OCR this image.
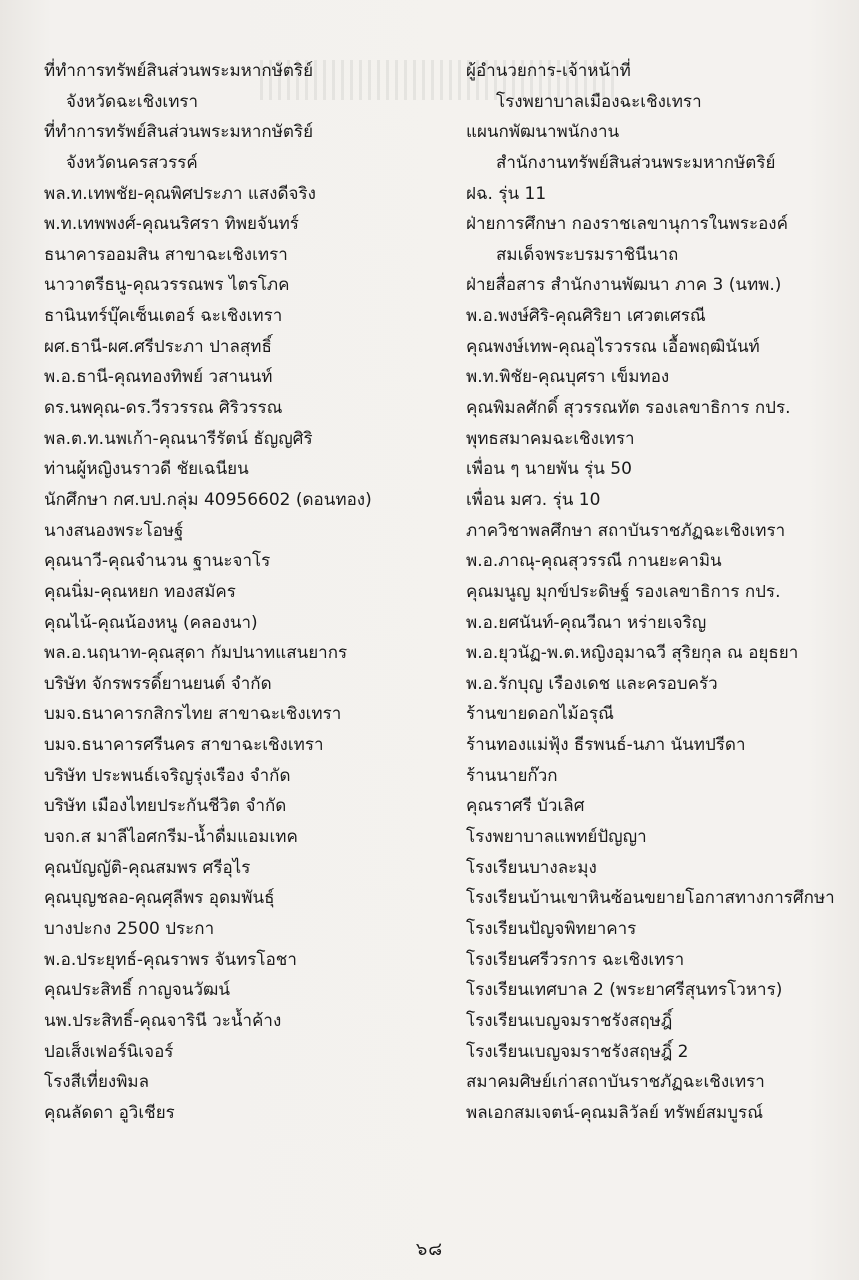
ที่ทำการทรัพย์สินส่วนพระมหากษัตริย์
จังหวัดฉะเชิงเทรา
ที่ทำการทรัพย์สินส่วนพระมหากษัตริย์
จังหวัดนครสวรรค์
พล.ท.เทพชัย-คุณพิศประภา แสงดีจริง
พ.ท.เทพพงศ์-คุณนริศรา ทิพยจันทร์
ธนาคารออมสิน สาขาฉะเชิงเทรา
นาวาตรีธนู-คุณวรรณพร ไตรโภค
ธานินทร์บุ๊คเซ็นเตอร์ ฉะเชิงเทรา
ผศ.ธานี-ผศ.ศรีประภา ปาลสุทธิ์
พ.อ.ธานี-คุณทองทิพย์ วสานนท์
ดร.นพคุณ-ดร.วีรวรรณ ศิริวรรณ
พล.ต.ท.นพเก้า-คุณนารีรัตน์ ธัญญศิริ
ท่านผู้หญิงนราวดี ชัยเฉนียน
นักศึกษา กศ.บป.กลุ่ม 40956602 (ดอนทอง)
นางสนองพระโอษฐ์
คุณนาวี-คุณจำนวน ฐานะจาโร
คุณนิ่ม-คุณหยก ทองสมัคร
คุณไน้-คุณน้องหนู (คลองนา)
พล.อ.นฤนาท-คุณสุดา กัมปนาทแสนยากร
บริษัท จักรพรรดิ์ยานยนต์ จำกัด
บมจ.ธนาคารกสิกรไทย สาขาฉะเชิงเทรา
บมจ.ธนาคารศรีนคร สาขาฉะเชิงเทรา
บริษัท ประพนธ์เจริญรุ่งเรือง จำกัด
บริษัท เมืองไทยประกันชีวิต จำกัด
บจก.ส มาลีไอศกรีม-น้ำดื่มแอมเทค
คุณบัญญัติ-คุณสมพร ศรีอุไร
คุณบุญชลอ-คุณศุลีพร อุดมพันธุ์
บางปะกง 2500 ประกา
พ.อ.ประยุทธ์-คุณราพร จันทรโอชา
คุณประสิทธิ์ กาญจนวัฒน์
นพ.ประสิทธิ์-คุณจารินี วะน้ำค้าง
ปอเส็งเฟอร์นิเจอร์
โรงสีเที่ยงพิมล
คุณลัดดา อูวิเชียร
ผู้อำนวยการ-เจ้าหน้าที่
โรงพยาบาลเมืองฉะเชิงเทรา
แผนกพัฒนาพนักงาน
สำนักงานทรัพย์สินส่วนพระมหากษัตริย์
ฝฉ. รุ่น 11
ฝ่ายการศึกษา กองราชเลขานุการในพระองค์
สมเด็จพระบรมราชินีนาถ
ฝ่ายสื่อสาร สำนักงานพัฒนา ภาค 3 (นทพ.)
พ.อ.พงษ์ศิริ-คุณศิริยา เศวตเศรณี
คุณพงษ์เทพ-คุณอุไรวรรณ เอื้อพฤฒินันท์
พ.ท.พิชัย-คุณบุศรา เข็มทอง
คุณพิมลศักดิ์ สุวรรณทัต รองเลขาธิการ กปร.
พุทธสมาคมฉะเชิงเทรา
เพื่อน ๆ นายพัน รุ่น 50
เพื่อน มศว. รุ่น 10
ภาควิชาพลศึกษา สถาบันราชภัฏฉะเชิงเทรา
พ.อ.ภาณุ-คุณสุวรรณี กานยะคามิน
คุณมนูญ มุกข์ประดิษฐ์ รองเลขาธิการ กปร.
พ.อ.ยศนันท์-คุณวีณา หร่ายเจริญ
พ.อ.ยุวนัฏ-พ.ต.หญิงอุมาฉวี สุริยกุล ณ อยุธยา
พ.อ.รักบุญ เรืองเดช และครอบครัว
ร้านขายดอกไม้อรุณี
ร้านทองแม่ฟุ้ง ธีรพนธ์-นภา นันทปรีดา
ร้านนายก๊วก
คุณราศรี บัวเลิศ
โรงพยาบาลแพทย์ปัญญา
โรงเรียนบางละมุง
โรงเรียนบ้านเขาหินซ้อนขยายโอกาสทางการศึกษา
โรงเรียนปัญจพิทยาคาร
โรงเรียนศรีวรการ ฉะเชิงเทรา
โรงเรียนเทศบาล 2 (พระยาศรีสุนทรโวหาร)
โรงเรียนเบญจมราชรังสฤษฎิ์
โรงเรียนเบญจมราชรังสฤษฎิ์ 2
สมาคมศิษย์เก่าสถาบันราชภัฏฉะเชิงเทรา
พลเอกสมเจตน์-คุณมลิวัลย์ ทรัพย์สมบูรณ์
๖๘
